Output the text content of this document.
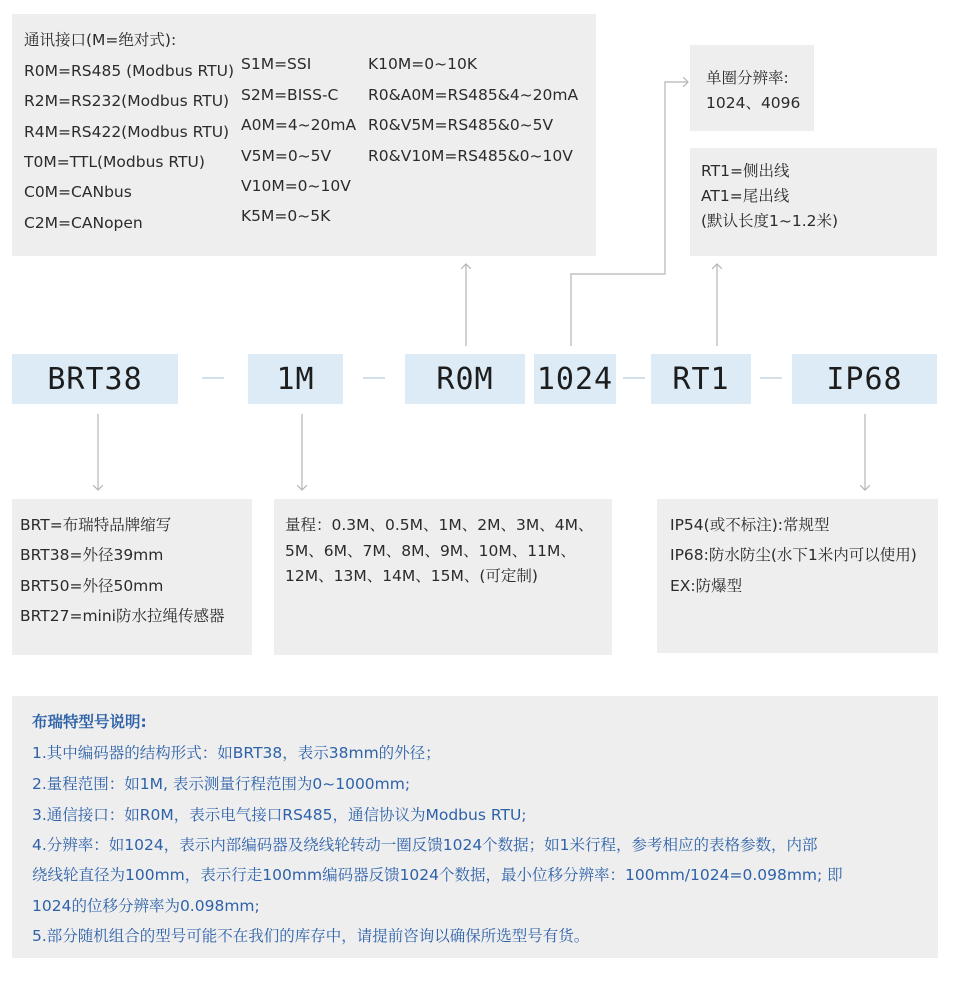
通讯接口(M=绝对式):
R0M=RS485 (Modbus RTU)
R2M=RS232(Modbus RTU)
R4M=RS422(Modbus RTU)
T0M=TTL(Modbus RTU)
C0M=CANbus
C2M=CANopen
S1M=SSI
S2M=BISS-C
A0M=4~20mA
V5M=0~5V
V10M=0~10V
K5M=0~5K
K10M=0~10K
R0&A0M=RS485&4~20mA
R0&V5M=RS485&0~5V
R0&V10M=RS485&0~10V
单圈分辨率:
1024、4096
RT1=侧出线
AT1=尾出线
(默认长度1~1.2米)
BRT38	1M	R0M	1024	RT1	IP68
BRT=布瑞特品牌缩写
BRT38=外径39mm
BRT50=外径50mm
BRT27=mini防水拉绳传感器
量程：0.3M、0.5M、1M、2M、3M、4M、
5M、6M、7M、8M、9M、10M、11M、
12M、13M、14M、15M、(可定制)
IP54(或不标注):常规型
IP68:防水防尘(水下1米内可以使用)
EX:防爆型
布瑞特型号说明:
1.其中编码器的结构形式：如BRT38，表示38mm的外径；
2.量程范围：如1M, 表示测量行程范围为0~1000mm;
3.通信接口：如R0M，表示电气接口RS485，通信协议为Modbus RTU;
4.分辨率：如1024，表示内部编码器及绕线轮转动一圈反馈1024个数据；如1米行程，参考相应的表格参数，内部
绕线轮直径为100mm，表示行走100mm编码器反馈1024个数据，最小位移分辨率：100mm/1024=0.098mm; 即
1024的位移分辨率为0.098mm;
5.部分随机组合的型号可能不在我们的库存中，请提前咨询以确保所选型号有货。
